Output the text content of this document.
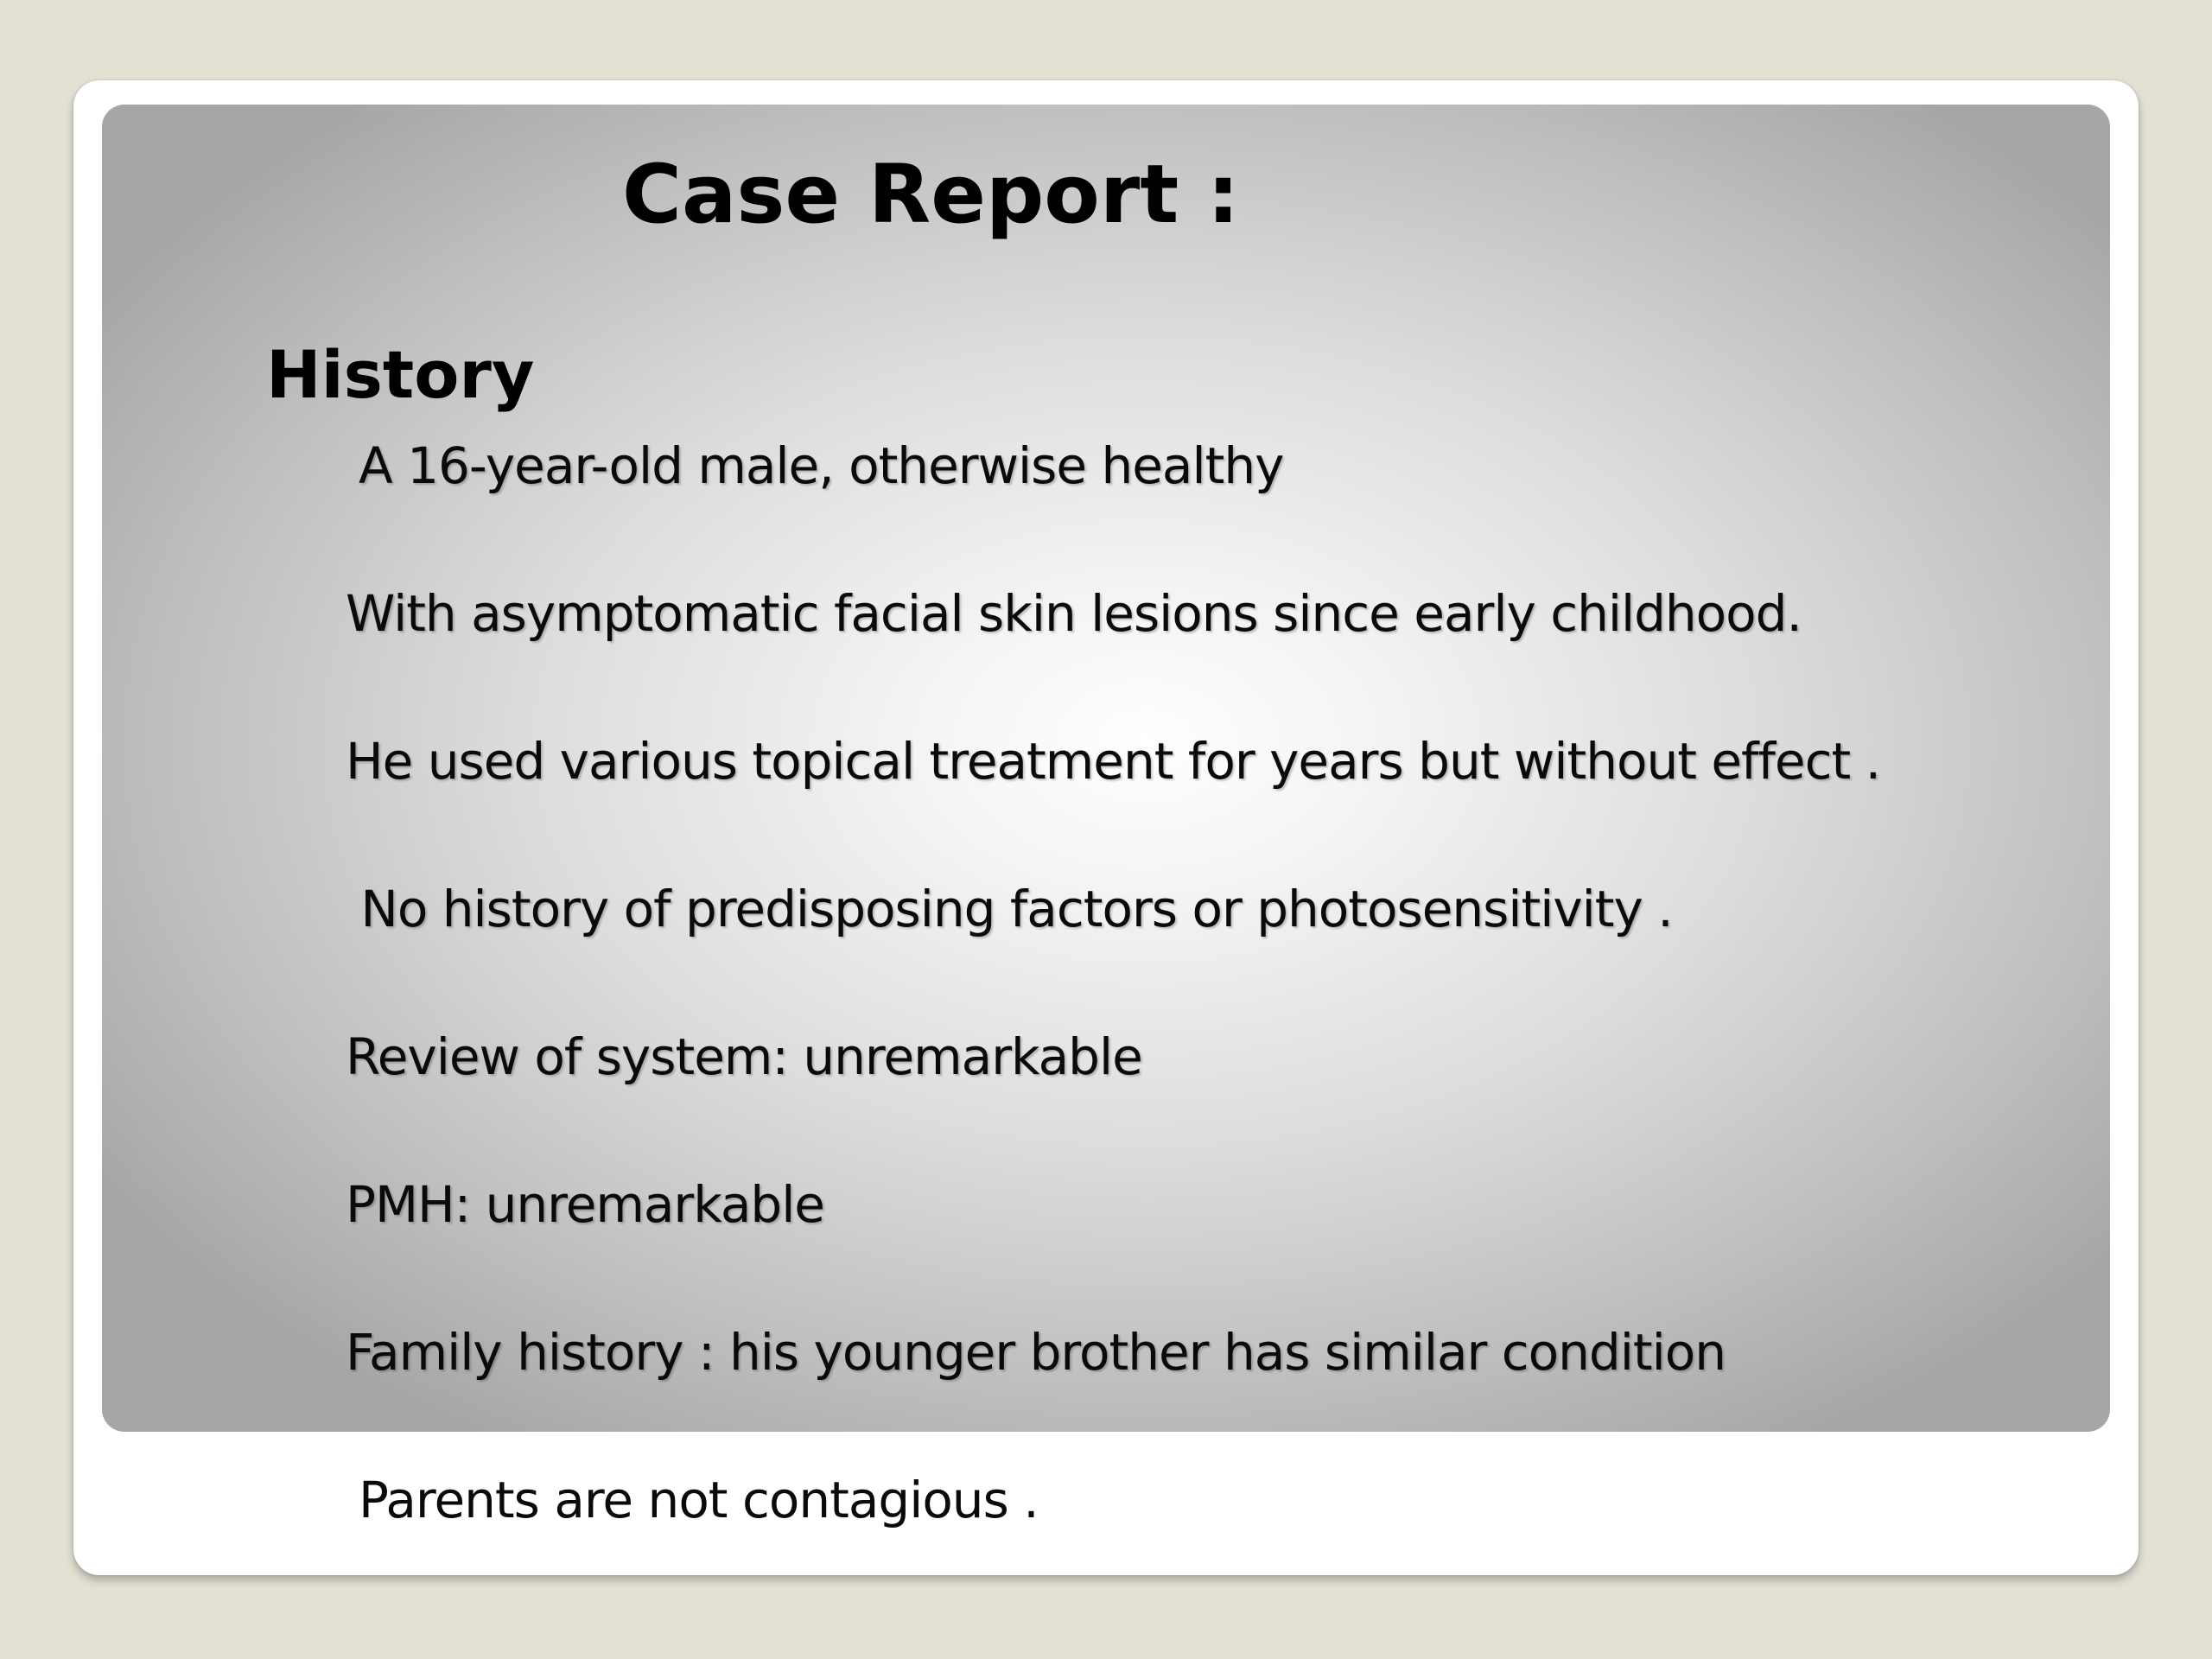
Case Report :
History

A 16-year-old male, otherwise healthy

With asymptomatic facial skin lesions since early childhood.

He used various topical treatment for years but without effect .

No history of predisposing factors or photosensitivity .

Review of system: unremarkable

PMH: unremarkable

Family history : his younger brother has similar condition

Parents are not contagious .
